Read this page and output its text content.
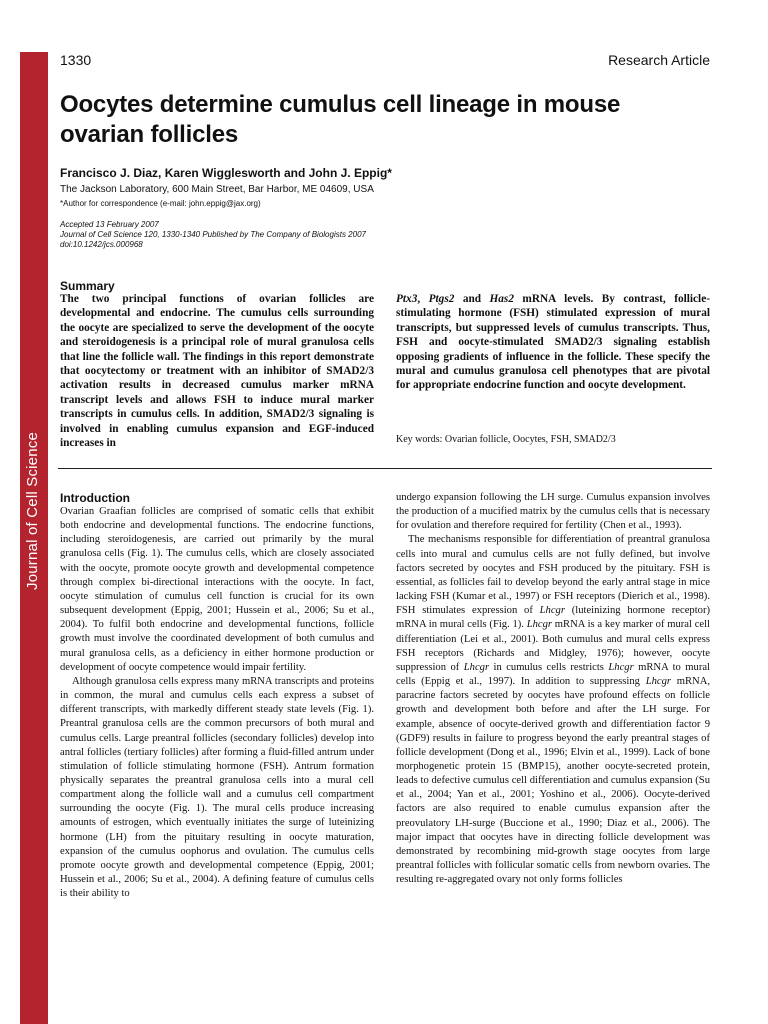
Journal of Cell Science
1330	Research Article
Oocytes determine cumulus cell lineage in mouse ovarian follicles
Francisco J. Diaz, Karen Wigglesworth and John J. Eppig*
The Jackson Laboratory, 600 Main Street, Bar Harbor, ME 04609, USA
*Author for correspondence (e-mail: john.eppig@jax.org)
Accepted 13 February 2007
Journal of Cell Science 120, 1330-1340 Published by The Company of Biologists 2007
doi:10.1242/jcs.000968
Summary
The two principal functions of ovarian follicles are developmental and endocrine. The cumulus cells surrounding the oocyte are specialized to serve the development of the oocyte and steroidogenesis is a principal role of mural granulosa cells that line the follicle wall. The findings in this report demonstrate that oocytectomy or treatment with an inhibitor of SMAD2/3 activation results in decreased cumulus marker mRNA transcript levels and allows FSH to induce mural marker transcripts in cumulus cells. In addition, SMAD2/3 signaling is involved in enabling cumulus expansion and EGF-induced increases in
Ptx3, Ptgs2 and Has2 mRNA levels. By contrast, follicle-stimulating hormone (FSH) stimulated expression of mural transcripts, but suppressed levels of cumulus transcripts. Thus, FSH and oocyte-stimulated SMAD2/3 signaling establish opposing gradients of influence in the follicle. These specify the mural and cumulus granulosa cell phenotypes that are pivotal for appropriate endocrine function and oocyte development.
Key words: Ovarian follicle, Oocytes, FSH, SMAD2/3
Introduction

Ovarian Graafian follicles are comprised of somatic cells that exhibit both endocrine and developmental functions. The endocrine functions, including steroidogenesis, are carried out primarily by the mural granulosa cells (Fig. 1). The cumulus cells, which are closely associated with the oocyte, promote oocyte growth and developmental competence through complex bi-directional interactions with the oocyte. In fact, oocyte stimulation of cumulus cell function is crucial for its own subsequent development (Eppig, 2001; Hussein et al., 2006; Su et al., 2004). To fulfil both endocrine and developmental functions, follicle growth must involve the coordinated development of both cumulus and mural granulosa cells, as a deficiency in either hormone production or development of oocyte competence would impair fertility.

Although granulosa cells express many mRNA transcripts and proteins in common, the mural and cumulus cells each express a subset of different transcripts, with markedly different steady state levels (Fig. 1). Preantral granulosa cells are the common precursors of both mural and cumulus cells. Large preantral follicles (secondary follicles) develop into antral follicles (tertiary follicles) after forming a fluid-filled antrum under stimulation of follicle stimulating hormone (FSH). Antrum formation physically separates the preantral granulosa cells into a mural cell compartment along the follicle wall and a cumulus cell compartment surrounding the oocyte (Fig. 1). The mural cells produce increasing amounts of estrogen, which eventually initiates the surge of luteinizing hormone (LH) from the pituitary resulting in oocyte maturation, expansion of the cumulus oophorus and ovulation. The cumulus cells promote oocyte growth and developmental competence (Eppig, 2001; Hussein et al., 2006; Su et al., 2004). A defining feature of cumulus cells is their ability to

undergo expansion following the LH surge. Cumulus expansion involves the production of a mucified matrix by the cumulus cells that is necessary for ovulation and therefore required for fertility (Chen et al., 1993).

The mechanisms responsible for differentiation of preantral granulosa cells into mural and cumulus cells are not fully defined, but involve factors secreted by oocytes and FSH produced by the pituitary. FSH is essential, as follicles fail to develop beyond the early antral stage in mice lacking FSH (Kumar et al., 1997) or FSH receptors (Dierich et al., 1998). FSH stimulates expression of Lhcgr (luteinizing hormone receptor) mRNA in mural cells (Fig. 1). Lhcgr mRNA is a key marker of mural cell differentiation (Lei et al., 2001). Both cumulus and mural cells express FSH receptors (Richards and Midgley, 1976); however, oocyte suppression of Lhcgr in cumulus cells restricts Lhcgr mRNA to mural cells (Eppig et al., 1997). In addition to suppressing Lhcgr mRNA, paracrine factors secreted by oocytes have profound effects on follicle growth and development both before and after the LH surge. For example, absence of oocyte-derived growth and differentiation factor 9 (GDF9) results in failure to progress beyond the early preantral stages of follicle development (Dong et al., 1996; Elvin et al., 1999). Lack of bone morphogenetic protein 15 (BMP15), another oocyte-secreted protein, leads to defective cumulus cell differentiation and cumulus expansion (Su et al., 2004; Yan et al., 2001; Yoshino et al., 2006). Oocyte-derived factors are also required to enable cumulus expansion after the preovulatory LH-surge (Buccione et al., 1990; Diaz et al., 2006). The major impact that oocytes have in directing follicle development was demonstrated by recombining mid-growth stage oocytes from large preantral follicles with follicular somatic cells from newborn ovaries. The resulting re-aggregated ovary not only forms follicles
